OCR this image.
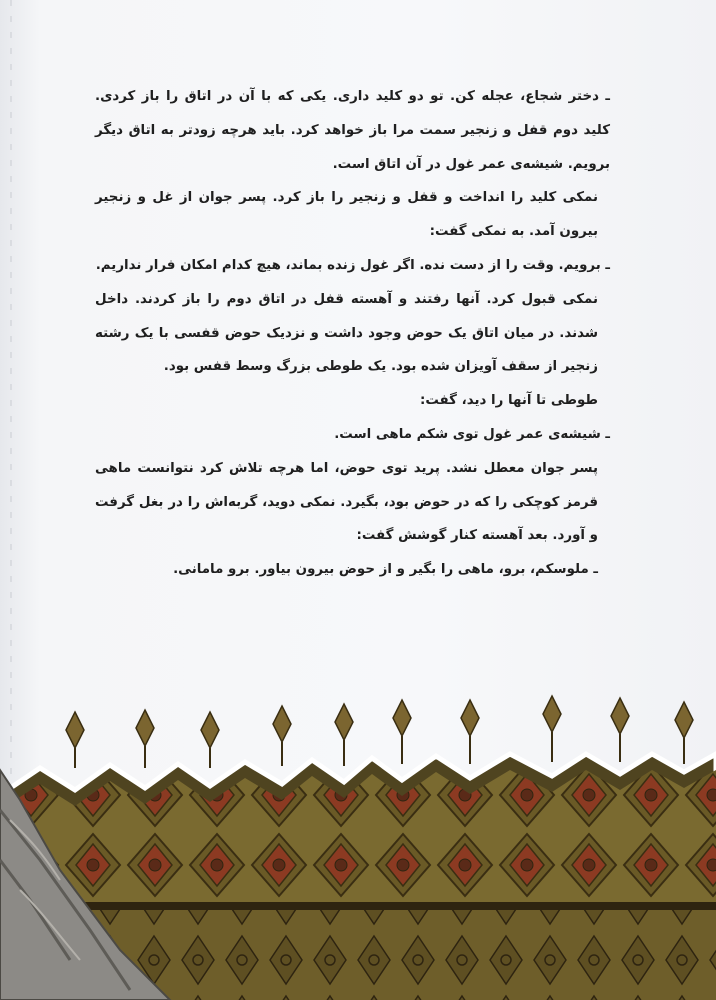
ـ دختر شجاع، عجله کن. تو دو کلید داری. یکی که با آن در اتاق را باز کردی. کلید دوم قفل و زنجیر سمت مرا باز خواهد کرد. باید هرچه زودتر به اتاق دیگر برویم. شیشه‌ی عمر غول در آن اتاق است.

نمکی کلید را انداخت و قفل و زنجیر را باز کرد. پسر جوان از غل و زنجیر بیرون آمد. به نمکی گفت:

ـ برویم. وقت را از دست نده. اگر غول زنده بماند، هیچ کدام امکان فرار نداریم.

نمکی قبول کرد. آنها رفتند و آهسته قفل در اتاق دوم را باز کردند. داخل شدند. در میان اتاق یک حوض وجود داشت و نزدیک حوض قفسی با یک رشته زنجیر از سقف آویزان شده بود. یک طوطی بزرگ وسط قفس بود.

طوطی تا آنها را دید، گفت:

ـ شیشه‌ی عمر غول توی شکم ماهی است.

پسر جوان معطل نشد. پرید توی حوض، اما هرچه تلاش کرد نتوانست ماهی قرمز کوچکی را که در حوض بود، بگیرد. نمکی دوید، گربه‌اش را در بغل گرفت و آورد. بعد آهسته کنار گوشش گفت:

ـ ملوسکم، برو، ماهی را بگیر و از حوض بیرون بیاور. برو مامانی.
